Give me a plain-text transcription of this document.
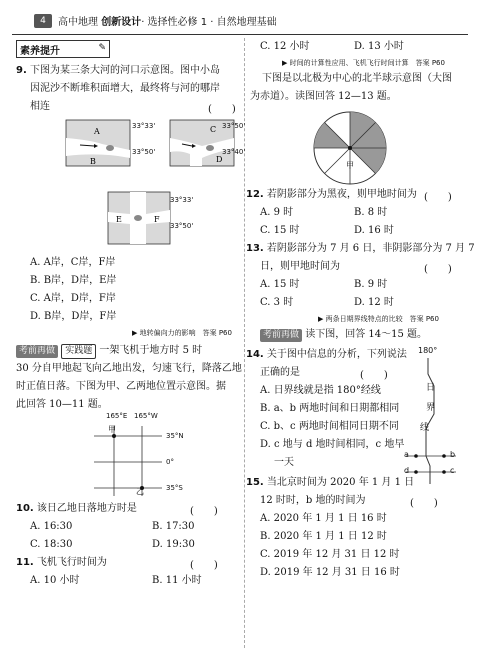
4	高中地理 创新设计· 选择性必修 1 · 自然地理基础
素养提升	✎
9. 下图为某三条大河的河口示意图。图中小岛
因泥沙不断堆积面增大，最终将与河的哪岸
相连	(　　)
A
B
C
D
E	F
33°33'
33°50'
33°50'
33°40'
33°33'
33°50'
A. A岸，C岸，F岸
B. B岸，D岸，E岸
C. A岸，D岸，F岸
D. B岸，D岸，F岸
▶ 地转偏向力的影响　答案 P60
考前再做 实践题 一架飞机于地方时 5 时
30 分自甲地起飞向乙地出发，匀速飞行，降落乙地
时正值日落。下图为甲、乙两地位置示意图。据
此回答 10—11 题。
165°E 165°W
35°N
0°
35°S
甲
乙
10. 该日乙地日落地方时是	(　　)
A. 16:30	B. 17:30
C. 18:30	D. 19:30
11. 飞机飞行时间为	(　　)
A. 10 小时	B. 11 小时
C. 12 小时	D. 13 小时
▶ 时间的计算性应用、飞机飞行时间计算　答案 P60
下图是以北极为中心的北半球示意图（大图
为赤道）。读图回答 12—13 题。
甲
12. 若阴影部分为黑夜，则甲地时间为 (　　)
A. 9 时	B. 8 时
C. 15 时	D. 16 时
13. 若阴影部分为 7 月 6 日，非阴影部分为 7 月 7
日，则甲地时间为	(　　)
A. 15 时	B. 9 时
C. 3 时	D. 12 时
▶ 两条日期界线特点的比较　答案 P60
考前再做 读下图，回答 14～15 题。
14. 关于图中信息的分析，下列说法
正确的是	(　　)
A. 日界线就是指 180°经线
B. a、b 两地时间和日期都相同
C. b、c 两地时间相同日期不同
D. c 地与 d 地时间相同，c 地早
一天
180°
日
界
线
a	b
c
d
15. 当北京时间为 2020 年 1 月 1 日
12 时时，b 地的时间为	(　　)
A. 2020 年 1 月 1 日 16 时
B. 2020 年 1 月 1 日 12 时
C. 2019 年 12 月 31 日 12 时
D. 2019 年 12 月 31 日 16 时
